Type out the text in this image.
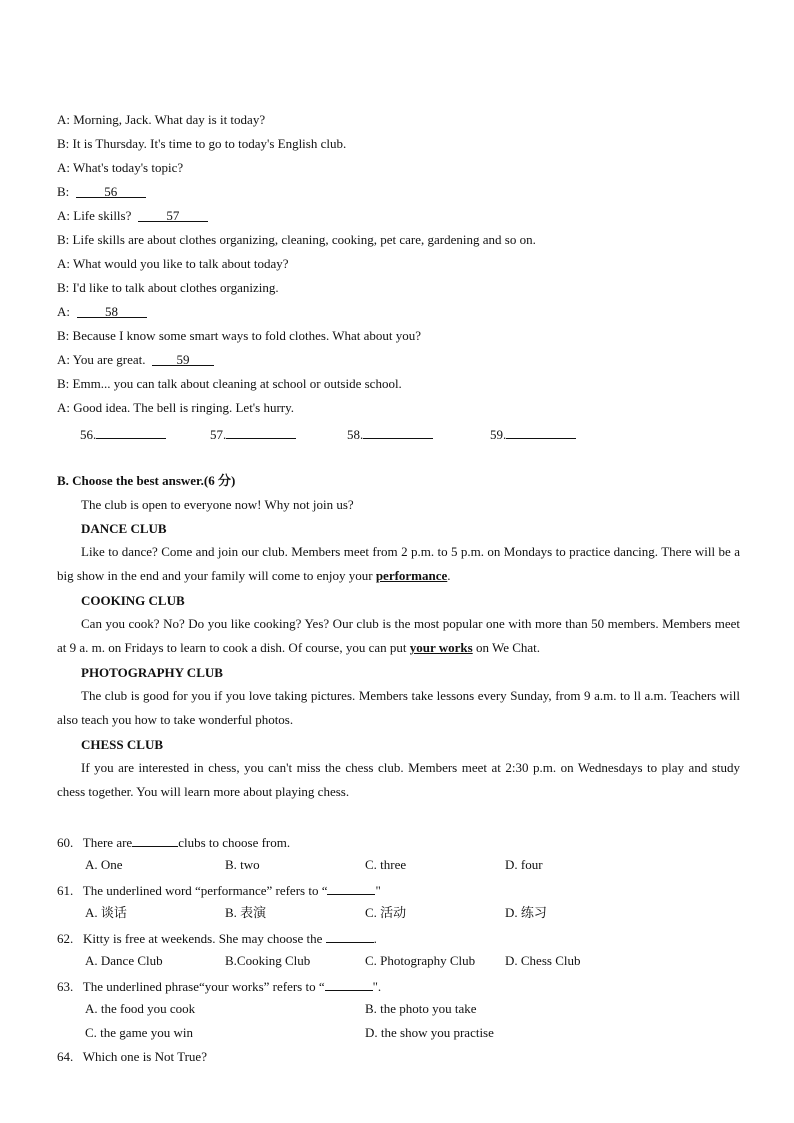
A: Morning, Jack. What day is it today?
B: It is Thursday. It's time to go to today's English club.
A: What's today's topic?
B:	56
A: Life skills?	57
B: Life skills are about clothes organizing, cleaning, cooking, pet care, gardening and so on.
A: What would you like to talk about today?
B: I'd like to talk about clothes organizing.
A:	58
B: Because I know some smart ways to fold clothes. What about you?
A: You are great. 59
B: Emm... you can talk about cleaning at school or outside school.
A: Good idea. The bell is ringing. Let's hurry.
56.	57.	58.	59.
B. Choose the best answer.(6 分)
The club is open to everyone now! Why not join us?
DANCE CLUB
Like to dance? Come and join our club. Members meet from 2 p.m. to 5 p.m. on Mondays to practice dancing. There will be a big show in the end and your family will come to enjoy your performance.
COOKING CLUB
Can you cook? No? Do you like cooking? Yes? Our club is the most popular one with more than 50 members. Members meet at 9 a. m. on Fridays to learn to cook a dish. Of course, you can put your works on We Chat.
PHOTOGRAPHY CLUB
The club is good for you if you love taking pictures. Members take lessons every Sunday, from 9 a.m. to ll a.m. Teachers will also teach you how to take wonderful photos.
CHESS CLUB
If you are interested in chess, you can't miss the chess club. Members meet at 2:30 p.m. on Wednesdays to play and study chess together. You will learn more about playing chess.
60. There are	clubs to choose from.
A. One	B. two	C. three	D. four
61. The underlined word “performance” refers to “	"
A. 谈话	B. 表演	C. 活动	D. 练习
62. Kitty is free at weekends. She may choose the	.
A. Dance Club	B.Cooking Club	C. Photography Club D. Chess Club
63. The underlined phrase“your works” refers to “	".
A. the food you cook	B. the photo you take
C. the game you win	D. the show you practise
64. Which one is Not True?
